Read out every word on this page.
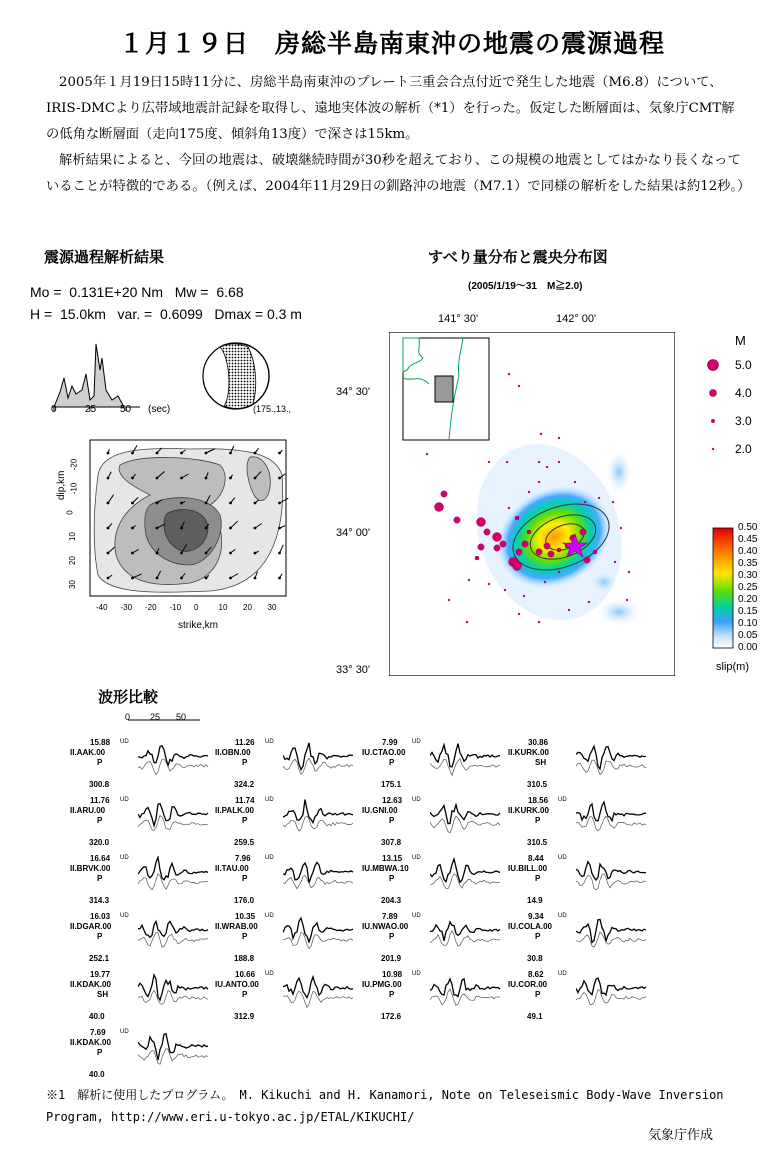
１月１９日　房総半島南東沖の地震の震源過程

2005年１月19日15時11分に、房総半島南東沖のプレート三重会合点付近で発生した地震（M6.8）について、IRIS-DMCより広帯域地震計記録を取得し、遠地実体波の解析（*1）を行った。仮定した断層面は、気象庁CMT解の低角な断層面（走向175度、傾斜角13度）で深さは15km。

解析結果によると、今回の地震は、破壊継続時間が30秒を超えており、この規模の地震としてはかなり長くなっていることが特徴的である。（例えば、2004年11月29日の釧路沖の地震（M7.1）で同様の解析をした結果は約12秒。）

震源過程解析結果
Mo =  0.131E+20 Nm   Mw =  6.68
H =  15.0km   var. =  0.6099   Dmax = 0.3 m
0	25 50 (sec)	(175.,13.,
dip,km
-20
-10
0
10
20
30
-40 -30 -20 -10 0	10 20 30
strike,km
すべり量分布と震央分布図
(2005/1/19～31　M≧2.0)
141° 30'	142° 00'
34° 30'
34° 00'
33° 30'
M
5.0
4.0
3.0
2.0
0.50
0.45
0.40
0.35
0.30
0.25
0.20
0.15
0.10
0.05
0.00
slip(m)
波形比較
0 25 50
15.88 UD
II.AAK.00
P
300.8
11.76 UD
II.ARU.00
P
320.0
16.64 UD
II.BRVK.00
P
314.3
16.03 UD
II.DGAR.00
P
252.1
19.77
II.KDAK.00
SH
40.0
7.69 UD
II.KDAK.00
P
40.0
11.26 UD
II.OBN.00
P
324.2
11.74 UD
II.PALK.00
P
259.5
7.96 UD
II.TAU.00
P
176.0
10.35 UD
II.WRAB.00
P
188.8
10.66 UD
IU.ANTO.00
P
312.9
7.99 UD
IU.CTAO.00
P
175.1
12.63 UD
IU.GNI.00
P
307.8
13.15 UD
IU.MBWA.10
P
204.3
7.89 UD
IU.NWAO.00
P
201.9
10.98 UD
IU.PMG.00
P
172.6
30.86
II.KURK.00
SH
310.5
18.56 UD
II.KURK.00
P
310.5
8.44 UD
IU.BILL.00
P
14.9
9.34 UD
IU.COLA.00
P
30.8
8.62 UD
IU.COR.00
P
49.1
※1　解析に使用したプログラム。　M. Kikuchi and H. Kanamori, Note on Teleseismic Body-Wave Inversion
Program, http://www.eri.u-tokyo.ac.jp/ETAL/KIKUCHI/
気象庁作成
